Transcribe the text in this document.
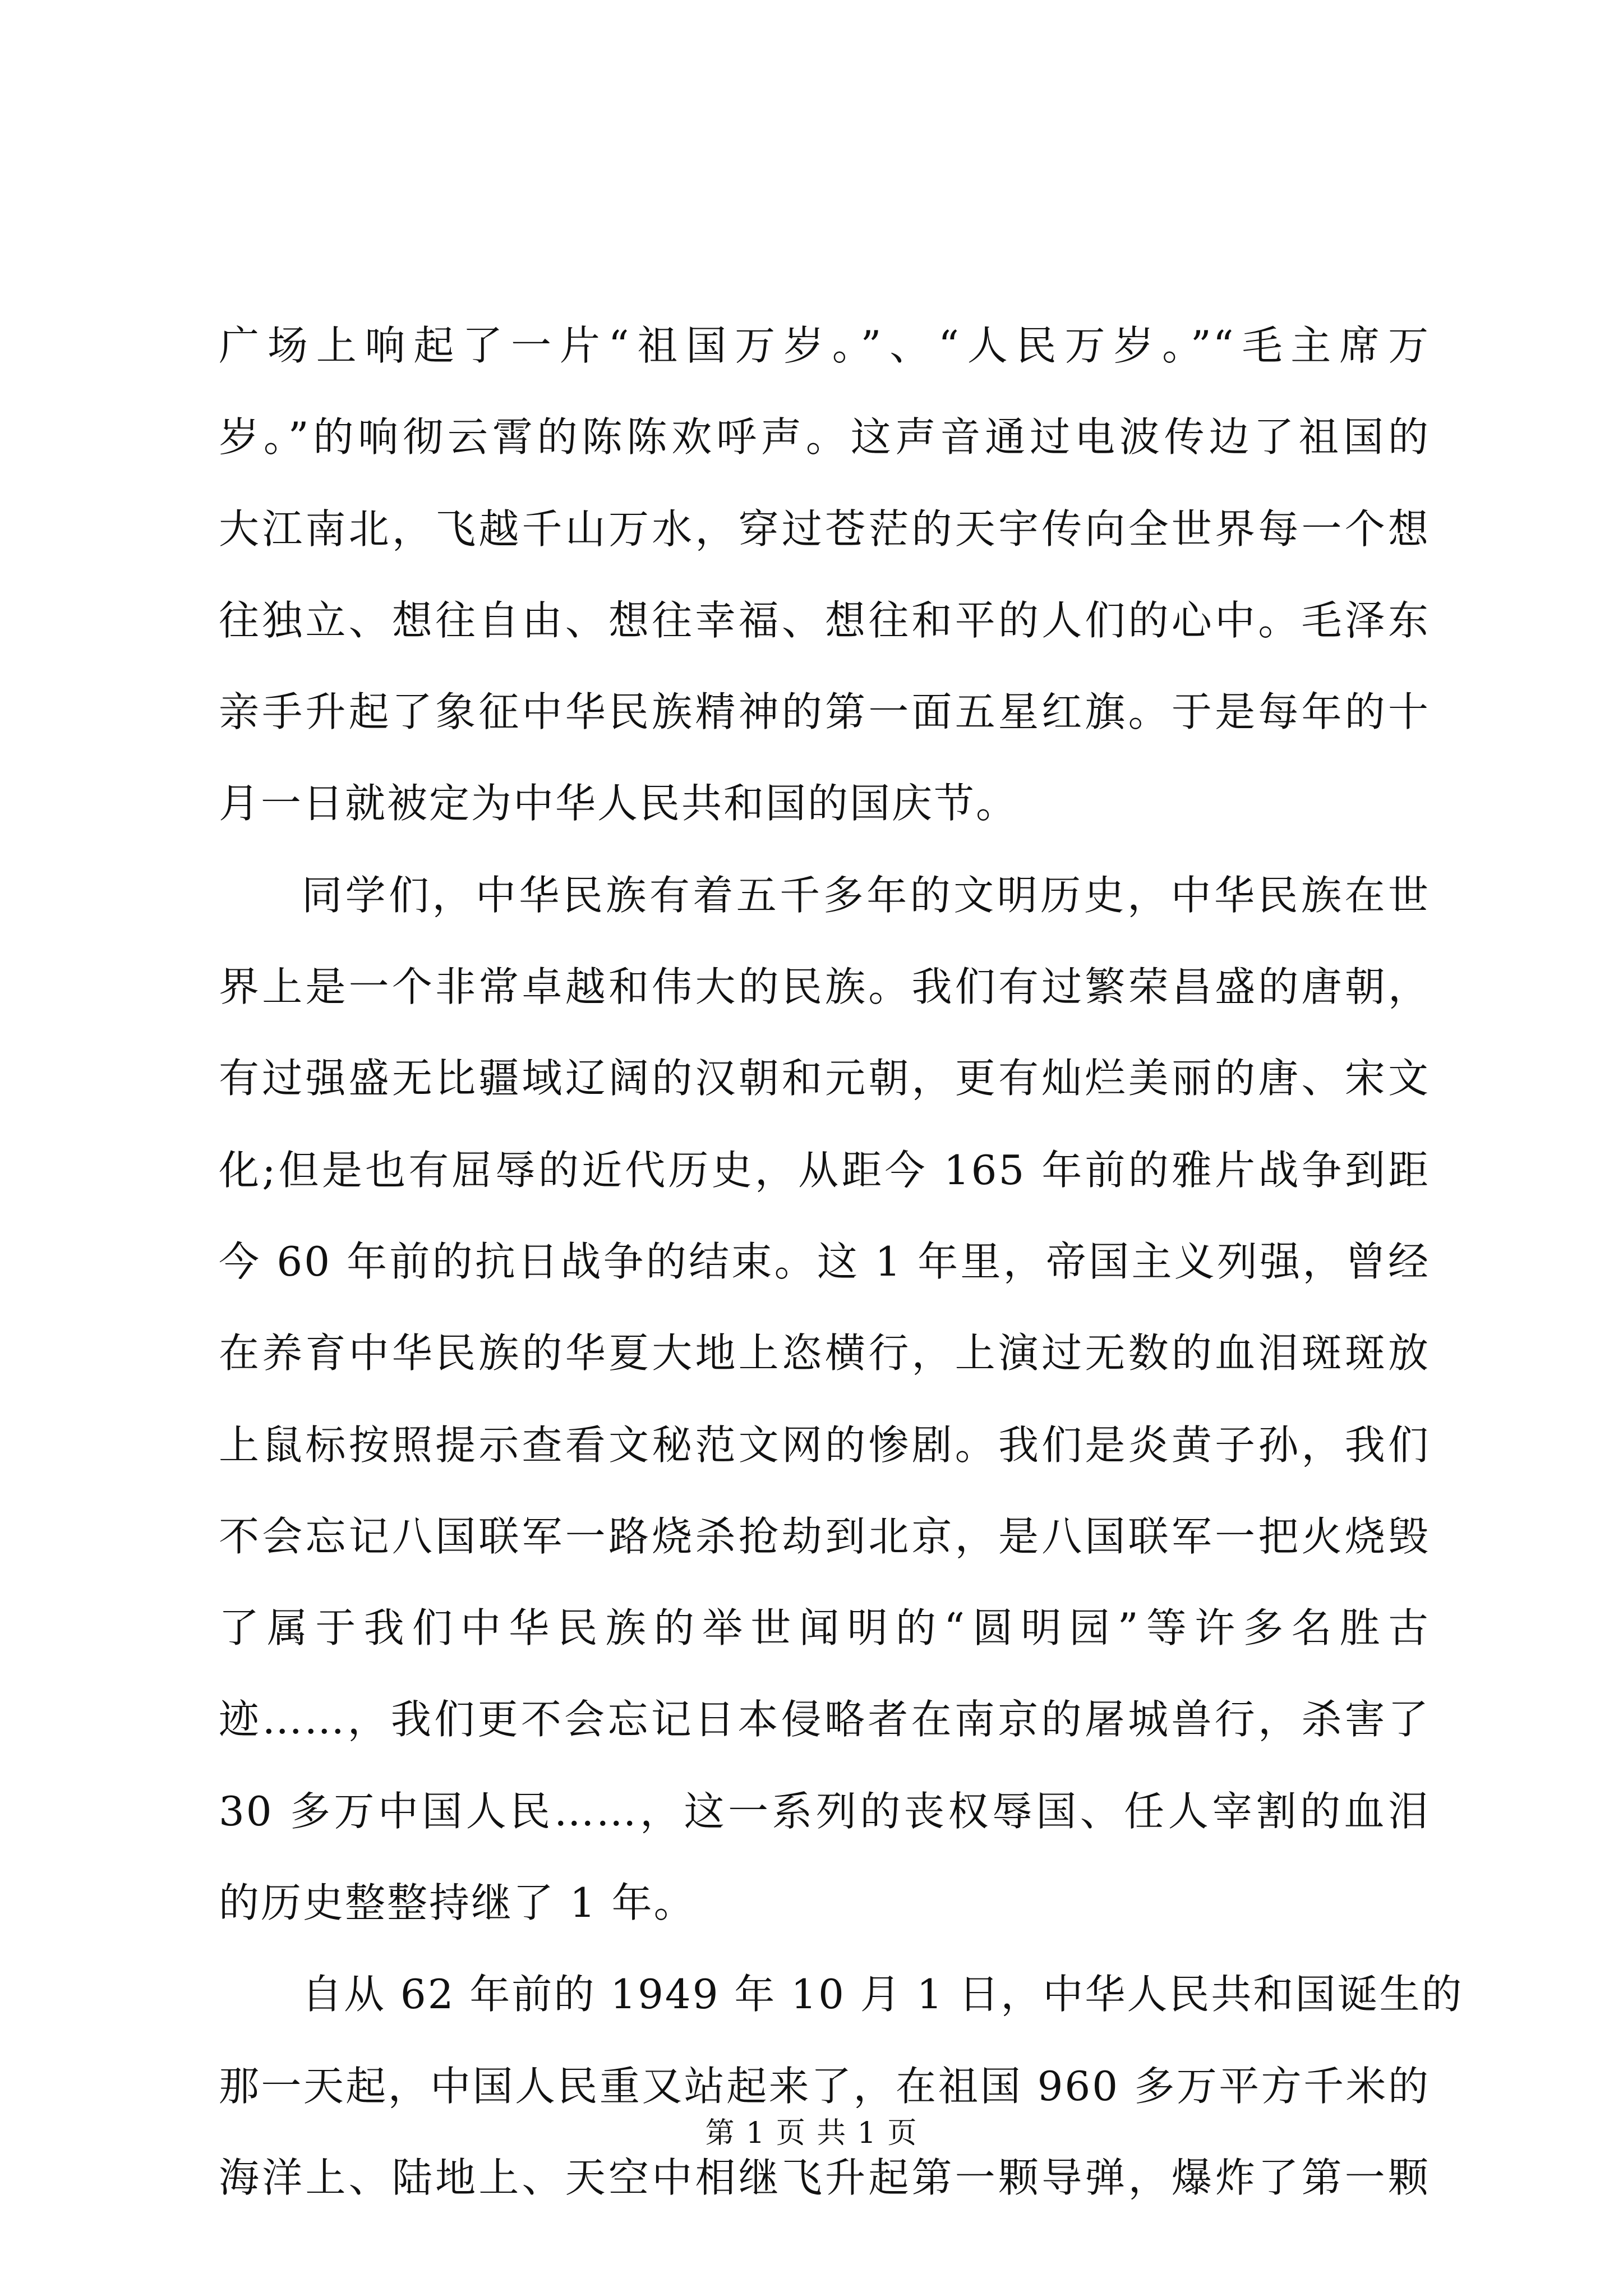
广场上响起了一片“祖国万岁。”、“人民万岁。”“毛主席万
岁。”的响彻云霄的陈陈欢呼声。这声音通过电波传边了祖国的
大江南北，飞越千山万水，穿过苍茫的天宇传向全世界每一个想
往独立、想往自由、想往幸福、想往和平的人们的心中。毛泽东
亲手升起了象征中华民族精神的第一面五星红旗。于是每年的十
月一日就被定为中华人民共和国的国庆节。
同学们，中华民族有着五千多年的文明历史，中华民族在世
界上是一个非常卓越和伟大的民族。我们有过繁荣昌盛的唐朝，
有过强盛无比疆域辽阔的汉朝和元朝，更有灿烂美丽的唐、宋文
化;但是也有屈辱的近代历史，从距今 165 年前的雅片战争到距
今 60 年前的抗日战争的结束。这 1 年里，帝国主义列强，曾经
在养育中华民族的华夏大地上恣横行，上演过无数的血泪斑斑放
上鼠标按照提示查看文秘范文网的惨剧。我们是炎黄子孙，我们
不会忘记八国联军一路烧杀抢劫到北京，是八国联军一把火烧毁
了属于我们中华民族的举世闻明的“圆明园”等许多名胜古
迹……，我们更不会忘记日本侵略者在南京的屠城兽行，杀害了
30 多万中国人民……，这一系列的丧权辱国、任人宰割的血泪
的历史整整持继了 1 年。
自从 62 年前的 1949 年 10 月 1 日，中华人民共和国诞生的
那一天起，中国人民重又站起来了，在祖国 960 多万平方千米的
海洋上、陆地上、天空中相继飞升起第一颗导弹，爆炸了第一颗
第 1 页 共 1 页
